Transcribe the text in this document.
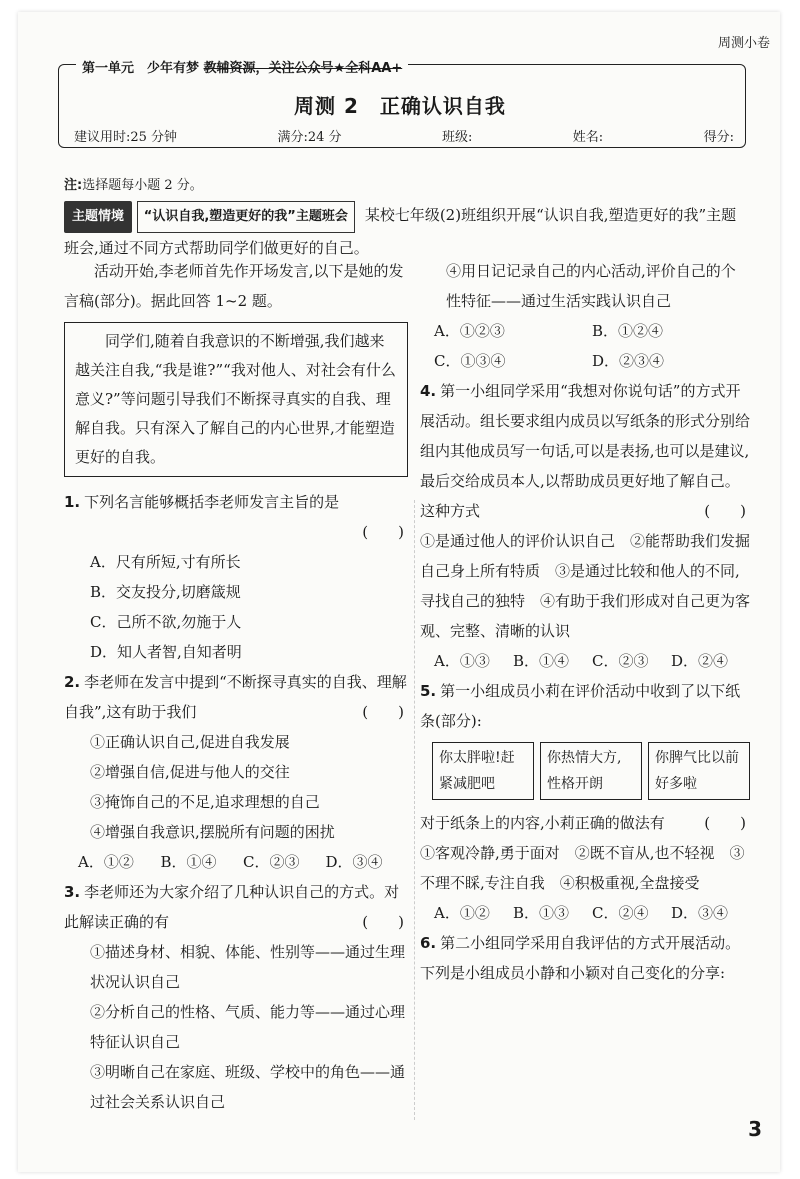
周测小卷
第一单元　少年有梦 教辅资源，关注公众号★全科AA+
周测 2　正确认识自我
建议用时:25 分钟	满分:24 分	班级:	姓名:	得分:
注:选择题每小题 2 分。
主题情境 “认识自我,塑造更好的我”主题班会 某校七年级(2)班组织开展“认识自我,塑造更好的我”主题班会,通过不同方式帮助同学们做更好的自己。

活动开始,李老师首先作开场发言,以下是她的发言稿(部分)。据此回答 1~2 题。

同学们,随着自我意识的不断增强,我们越来越关注自我,“我是谁?”“我对他人、对社会有什么意义?”等问题引导我们不断探寻真实的自我、理解自我。只有深入了解自己的内心世界,才能塑造更好的自我。

1. 下列名言能够概括李老师发言主旨的是

(　　)

A．尺有所短,寸有所长

B．交友投分,切磨箴规

C．己所不欲,勿施于人

D．知人者智,自知者明

2. 李老师在发言中提到“不断探寻真实的自我、理解自我”,这有助于我们	(　　)

①正确认识自己,促进自我发展

②增强自信,促进与他人的交往

③掩饰自己的不足,追求理想的自己

④增强自我意识,摆脱所有问题的困扰

A．①②	B．①④	C．②③	D．③④

3. 李老师还为大家介绍了几种认识自己的方式。对此解读正确的有	(　　)

①描述身材、相貌、体能、性别等——通过生理状况认识自己

②分析自己的性格、气质、能力等——通过心理特征认识自己

③明晰自己在家庭、班级、学校中的角色——通过社会关系认识自己

④用日记记录自己的内心活动,评价自己的个性特征——通过生活实践认识自己

A．①②③	B．①②④
C．①③④	D．②③④

4. 第一小组同学采用“我想对你说句话”的方式开展活动。组长要求组内成员以写纸条的形式分别给组内其他成员写一句话,可以是表扬,也可以是建议,最后交给成员本人,以帮助成员更好地了解自己。这种方式	(　　)

①是通过他人的评价认识自己　②能帮助我们发掘自己身上所有特质　③是通过比较和他人的不同,寻找自己的独特　④有助于我们形成对自己更为客观、完整、清晰的认识

A．①③	B．①④	C．②③	D．②④

5. 第一小组成员小莉在评价活动中收到了以下纸条(部分):

你太胖啦!赶紧减肥吧
你热情大方,性格开朗
你脾气比以前好多啦

对于纸条上的内容,小莉正确的做法有	(　　)

①客观冷静,勇于面对　②既不盲从,也不轻视　③不理不睬,专注自我　④积极重视,全盘接受

A．①②	B．①③	C．②④	D．③④

6. 第二小组同学采用自我评估的方式开展活动。下列是小组成员小静和小颖对自己变化的分享:

3
